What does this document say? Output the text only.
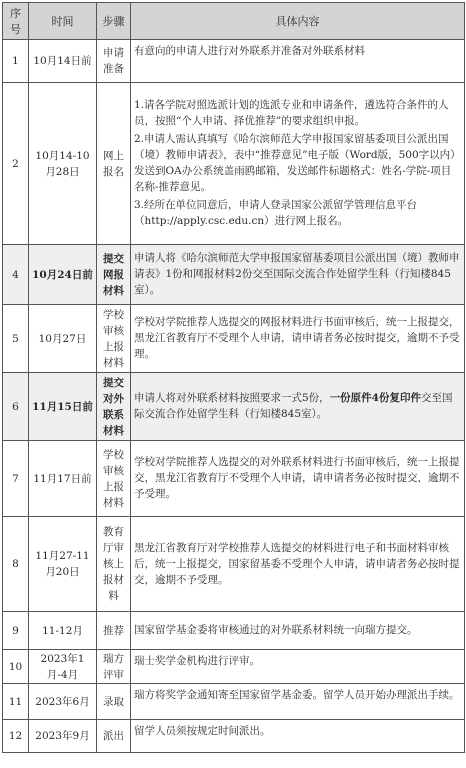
序号	时间	步骤	具体内容
1	10月14日前	申请准备	有意向的申请人进行对外联系并准备对外联系材料

2	10月14-10月28日	网上报名	1.请各学院对照选派计划的选派专业和申请条件，遴选符合条件的人员，按照“个人申请、择优推荐”的要求组织申报。
2.申请人需认真填写《哈尔滨师范大学申报国家留基委项目公派出国（境）教师申请表》，表中“推荐意见”电子版（Word版，500字以内）发送到OA办公系统盖雨鸥邮箱，发送邮件标题格式：姓名-学院-项目名称-推荐意见。
3.经所在单位同意后，申请人登录国家公派留学管理信息平台（http://apply.csc.edu.cn）进行网上报名。

4	10月24日前	提交网报材料	申请人将《哈尔滨师范大学申报国家留基委项目公派出国（境）教师申请表》1份和网报材料2份交至国际交流合作处留学生科（行知楼845室）。

5	10月27日	学校审核上报材料	学校对学院推荐人选提交的网报材料进行书面审核后，统一上报提交，黑龙江省教育厅不受理个人申请，请申请者务必按时提交，逾期不予受理。

6	11月15日前	提交对外联系材料	申请人将对外联系材料按照要求一式5份，一份原件4份复印件交至国际交流合作处留学生科（行知楼845室）。

7	11月17日前	学校审核上报材料	学校对学院推荐人选提交的对外联系材料进行书面审核后，统一上报提交，黑龙江省教育厅不受理个人申请，请申请者务必按时提交，逾期不予受理。

8	11月27-11月20日	教育厅审核上报材料	黑龙江省教育厅对学校推荐人选提交的材料进行电子和书面材料审核后，统一上报提交，国家留基委不受理个人申请，请申请者务必按时提交，逾期不予受理。

9	11-12月	推荐	国家留学基金委将审核通过的对外联系材料统一向瑞方提交。

10	2023年1月-4月	瑞方评审	瑞士奖学金机构进行评审。

11	2023年6月	录取	瑞方将奖学金通知寄至国家留学基金委。留学人员开始办理派出手续。

12	2023年9月	派出	留学人员须按规定时间派出。
